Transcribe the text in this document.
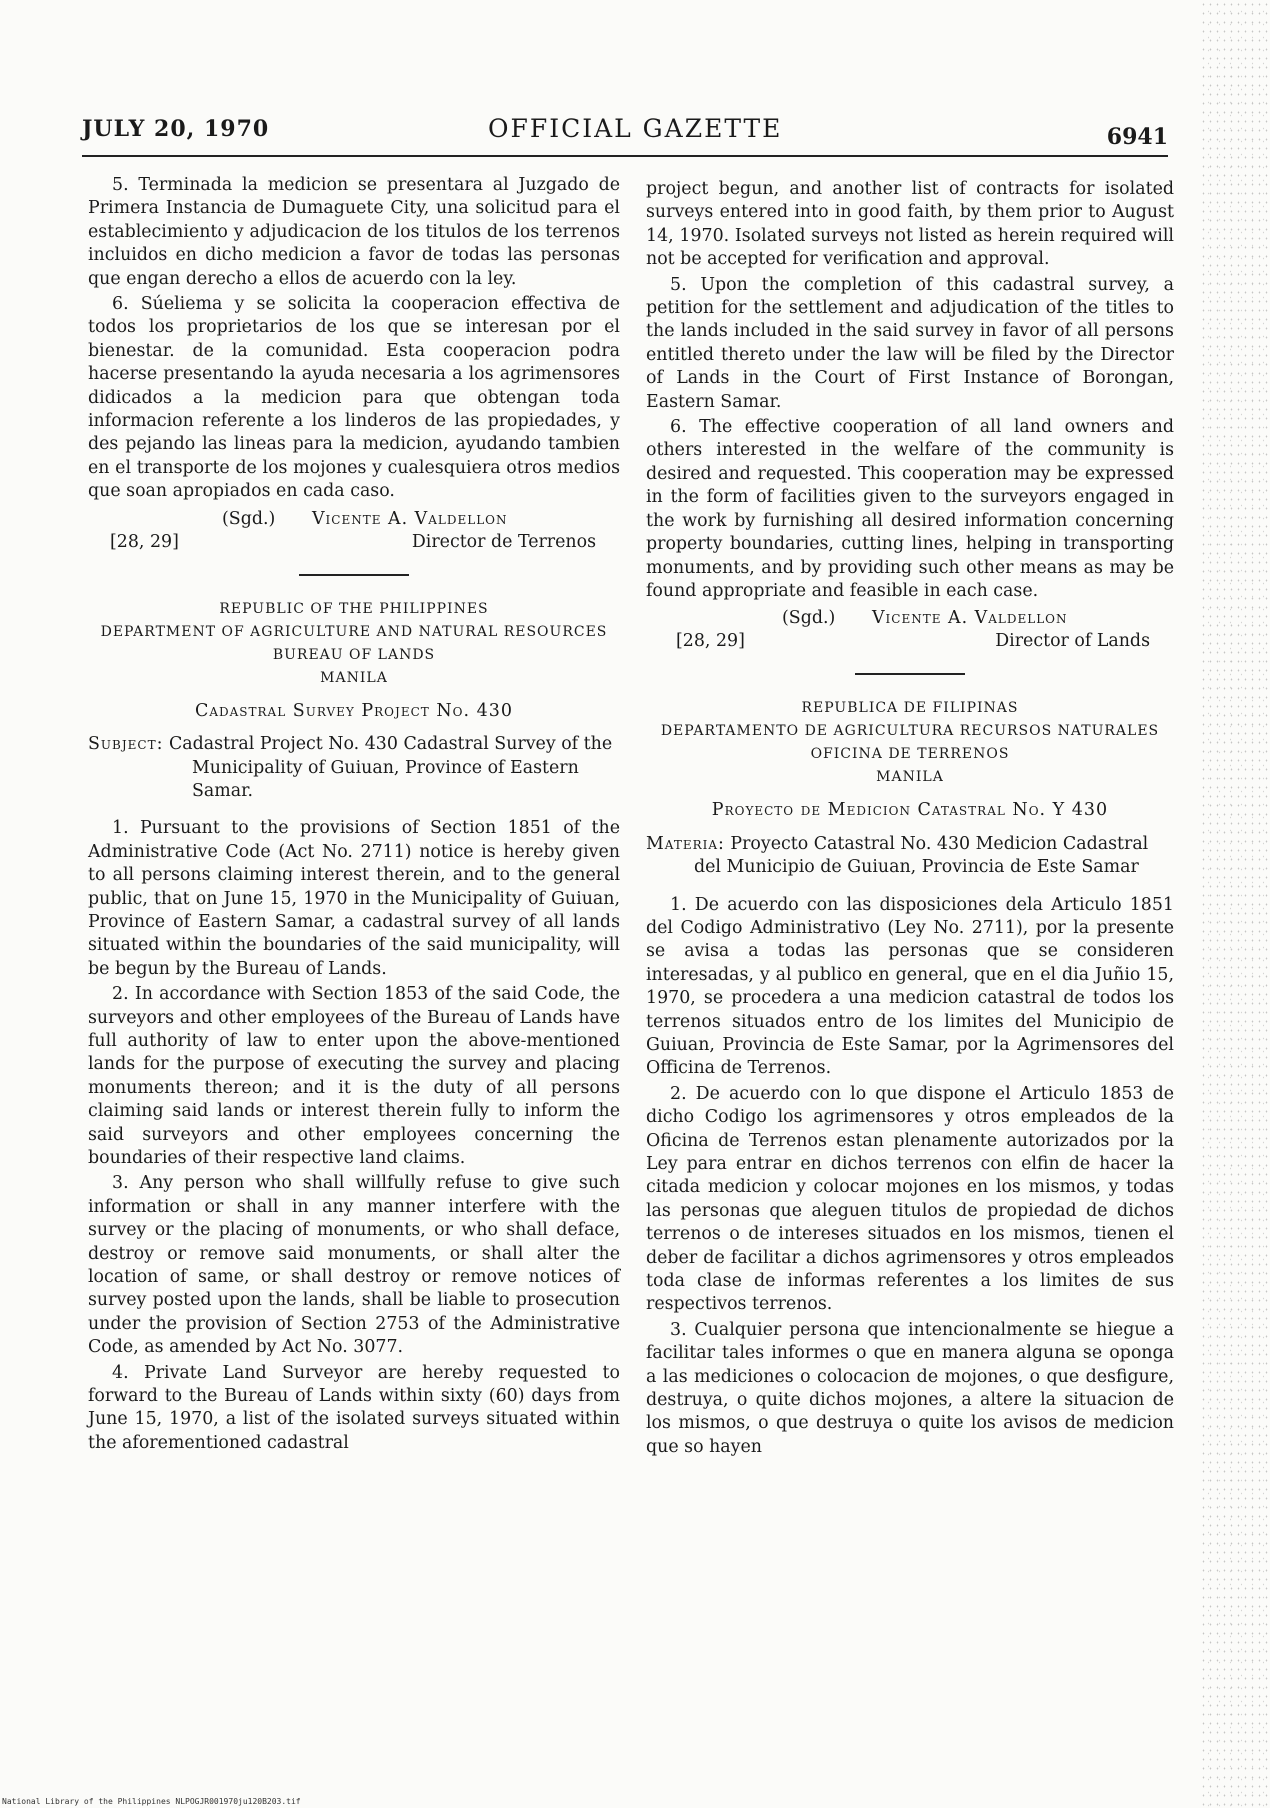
JULY 20, 1970	OFFICIAL GAZETTE	6941

5. Terminada la medicion se presentara al Juzgado de Primera Instancia de Dumaguete City, una solicitud para el establecimiento y adjudicacion de los titulos de los terrenos incluidos en dicho medicion a favor de todas las personas que engan derecho a ellos de acuerdo con la ley.

6. Súeliema y se solicita la cooperacion effectiva de todos los proprietarios de los que se interesan por el bienestar. de la comunidad. Esta cooperacion podra hacerse presentando la ayuda necesaria a los agrimensores didicados a la medicion para que obtengan toda informacion referente a los linderos de las propiedades, y des pejando las lineas para la medicion, ayudando tambien en el transporte de los mojones y cualesquiera otros medios que soan apropiados en cada caso.

(Sgd.) Vicente A. Valdellon
[28, 29]	Director de Terrenos
REPUBLIC OF THE PHILIPPINES
DEPARTMENT OF AGRICULTURE AND NATURAL RESOURCES
BUREAU OF LANDS
MANILA
Cadastral Survey Project No. 430
Subject: Cadastral Project No. 430 Cadastral Survey of the Municipality of Guiuan, Province of Eastern Samar.

1. Pursuant to the provisions of Section 1851 of the Administrative Code (Act No. 2711) notice is hereby given to all persons claiming interest therein, and to the general public, that on June 15, 1970 in the Municipality of Guiuan, Province of Eastern Samar, a cadastral survey of all lands situated within the boundaries of the said municipality, will be begun by the Bureau of Lands.

2. In accordance with Section 1853 of the said Code, the surveyors and other employees of the Bureau of Lands have full authority of law to enter upon the above-mentioned lands for the purpose of executing the survey and placing monuments thereon; and it is the duty of all persons claiming said lands or interest therein fully to inform the said surveyors and other employees concerning the boundaries of their respective land claims.

3. Any person who shall willfully refuse to give such information or shall in any manner interfere with the survey or the placing of monuments, or who shall deface, destroy or remove said monuments, or shall alter the location of same, or shall destroy or remove notices of survey posted upon the lands, shall be liable to prosecution under the provision of Section 2753 of the Administrative Code, as amended by Act No. 3077.

4. Private Land Surveyor are hereby requested to forward to the Bureau of Lands within sixty (60) days from June 15, 1970, a list of the isolated surveys situated within the aforementioned cadastral

project begun, and another list of contracts for isolated surveys entered into in good faith, by them prior to August 14, 1970. Isolated surveys not listed as herein required will not be accepted for verification and approval.

5. Upon the completion of this cadastral survey, a petition for the settlement and adjudication of the titles to the lands included in the said survey in favor of all persons entitled thereto under the law will be filed by the Director of Lands in the Court of First Instance of Borongan, Eastern Samar.

6. The effective cooperation of all land owners and others interested in the welfare of the community is desired and requested. This cooperation may be expressed in the form of facilities given to the surveyors engaged in the work by furnishing all desired information concerning property boundaries, cutting lines, helping in transporting monuments, and by providing such other means as may be found appropriate and feasible in each case.

(Sgd.) Vicente A. Valdellon
[28, 29]	Director of Lands
REPUBLICA DE FILIPINAS
DEPARTAMENTO DE AGRICULTURA RECURSOS NATURALES
OFICINA DE TERRENOS
MANILA
Proyecto de Medicion Catastral No. Y 430
Materia: Proyecto Catastral No. 430 Medicion Cadastral del Municipio de Guiuan, Provincia de Este Samar

1. De acuerdo con las disposiciones dela Articulo 1851 del Codigo Administrativo (Ley No. 2711), por la presente se avisa a todas las personas que se consideren interesadas, y al publico en general, que en el dia Juñio 15, 1970, se procedera a una medicion catastral de todos los terrenos situados entro de los limites del Municipio de Guiuan, Provincia de Este Samar, por la Agrimensores del Officina de Terrenos.

2. De acuerdo con lo que dispone el Articulo 1853 de dicho Codigo los agrimensores y otros empleados de la Oficina de Terrenos estan plenamente autorizados por la Ley para entrar en dichos terrenos con elfin de hacer la citada medicion y colocar mojones en los mismos, y todas las personas que aleguen titulos de propiedad de dichos terrenos o de intereses situados en los mismos, tienen el deber de facilitar a dichos agrimensores y otros empleados toda clase de informas referentes a los limites de sus respectivos terrenos.

3. Cualquier persona que intencionalmente se hiegue a facilitar tales informes o que en manera alguna se oponga a las mediciones o colocacion de mojones, o que desfigure, destruya, o quite dichos mojones, a altere la situacion de los mismos, o que destruya o quite los avisos de medicion que so hayen

National Library of the Philippines NLPOGJR001970ju120B203.tif
